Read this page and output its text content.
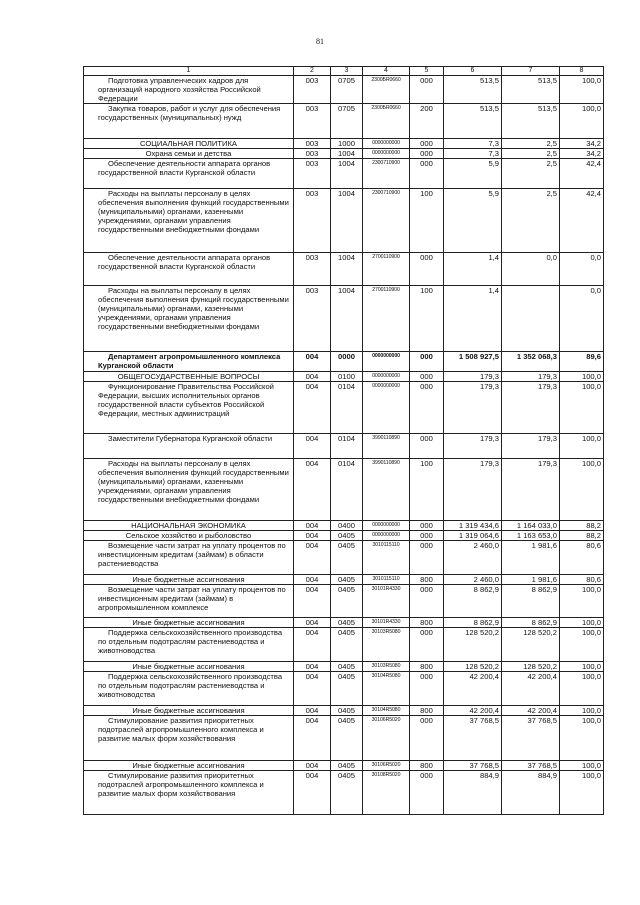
81
1	2	3	4	5	6	7	8
Подготовка управленческих кадров для организаций народного хозяйства Российской Федерации	003	0705	2300БR0660	000	513,5	513,5	100,0
Закупка товаров, работ и услуг для обеспечения государственных (муниципальных) нужд	003	0705	2300БR0660	200	513,5	513,5	100,0
СОЦИАЛЬНАЯ ПОЛИТИКА	003	1000	0000000000	000	7,3	2,5	34,2
Охрана семьи и детства	003	1004	0000000000	000	7,3	2,5	34,2
Обеспечение деятельности аппарата органов государственной власти Курганской области	003	1004	2300710900	000	5,9	2,5	42,4
Расходы на выплаты персоналу в целях обеспечения выполнения функций государственными (муниципальными) органами, казенными учреждениями, органами управления государственными внебюджетными фондами	003	1004	2300710900	100	5,9	2,5	42,4
Обеспечение деятельности аппарата органов государственной власти Курганской области	003	1004	2700110900	000	1,4	0,0	0,0
Расходы на выплаты персоналу в целях обеспечения выполнения функций государственными (муниципальными) органами, казенными учреждениями, органами управления государственными внебюджетными фондами	003	1004	2700110900	100	1,4		0,0
Департамент агропромышленного комплекса Курганской области	004	0000	0000000000	000	1 508 927,5	1 352 068,3	89,6
ОБЩЕГОСУДАРСТВЕННЫЕ ВОПРОСЫ	004	0100	0000000000	000	179,3	179,3	100,0
Функционирование Правительства Российской Федерации, высших исполнительных органов государственной власти субъектов Российской Федерации, местных администраций	004	0104	0000000000	000	179,3	179,3	100,0
Заместители Губернатора Курганской области	004	0104	3990110890	000	179,3	179,3	100,0
Расходы на выплаты персоналу в целях обеспечения выполнения функций государственными (муниципальными) органами, казенными учреждениями, органами управления государственными внебюджетными фондами	004	0104	3990110890	100	179,3	179,3	100,0
НАЦИОНАЛЬНАЯ ЭКОНОМИКА	004	0400	0000000000	000	1 319 434,6	1 164 033,0	88,2
Сельское хозяйство и рыболовство	004	0405	0000000000	000	1 319 064,6	1 163 653,0	88,2
Возмещение части затрат на уплату процентов по инвестиционным кредитам (займам) в области растениеводства	004	0405	3010115110	000	2 460,0	1 981,6	80,6
Иные бюджетные ассигнования	004	0405	3010115110	800	2 460,0	1 981,6	80,6
Возмещение части затрат на уплату процентов по инвестиционным кредитам (займам) в агропромышленном комплексе	004	0405	30101R4330	000	8 862,9	8 862,9	100,0
Иные бюджетные ассигнования	004	0405	30101R4330	800	8 862,9	8 862,9	100,0
Поддержка сельскохозяйственного производства по отдельным подотраслям растениеводства и животноводства	004	0405	30103R5080	000	128 520,2	128 520,2	100,0
Иные бюджетные ассигнования	004	0405	30103R5080	800	128 520,2	128 520,2	100,0
Поддержка сельскохозяйственного производства по отдельным подотраслям растениеводства и животноводства	004	0405	30104R5080	000	42 200,4	42 200,4	100,0
Иные бюджетные ассигнования	004	0405	30104R5080	800	42 200,4	42 200,4	100,0
Стимулирование развития приоритетных подотраслей агропромышленного комплекса и развитие малых форм хозяйствования	004	0405	30106R5020	000	37 768,5	37 768,5	100,0
Иные бюджетные ассигнования	004	0405	30106R5020	800	37 768,5	37 768,5	100,0
Стимулирование развития приоритетных подотраслей агропромышленного комплекса и развитие малых форм хозяйствования	004	0405	30108R5020	000	884,9	884,9	100,0
